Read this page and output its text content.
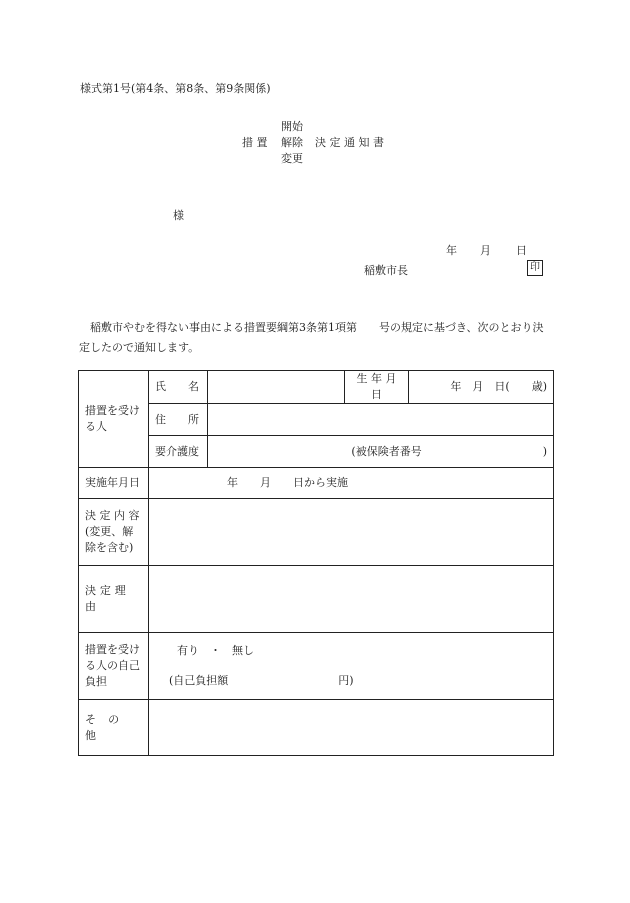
様式第1号(第4条、第8条、第9条関係)
開始
措 置 解除 決 定 通 知 書
変更
様
年 月 日
稲敷市長	印
稲敷市やむを得ない事由による措置要綱第3条第1項第　　号の規定に基づき、次のとおり決定したので通知します。
措置を受ける人	氏　　名		生 年 月 日	年　月　日(　　歳)
	住　　所			
	要介護度	(被保険者番号　　　　　　　　　　　)		
実施年月日	年　　月　　日から実施			
決 定 内 容 (変更、解除を含む)				
決定理由				
措置を受ける人の自己負担	有り　・　無し
(自己負担額　　　　　　　　　　円)			

その他				
